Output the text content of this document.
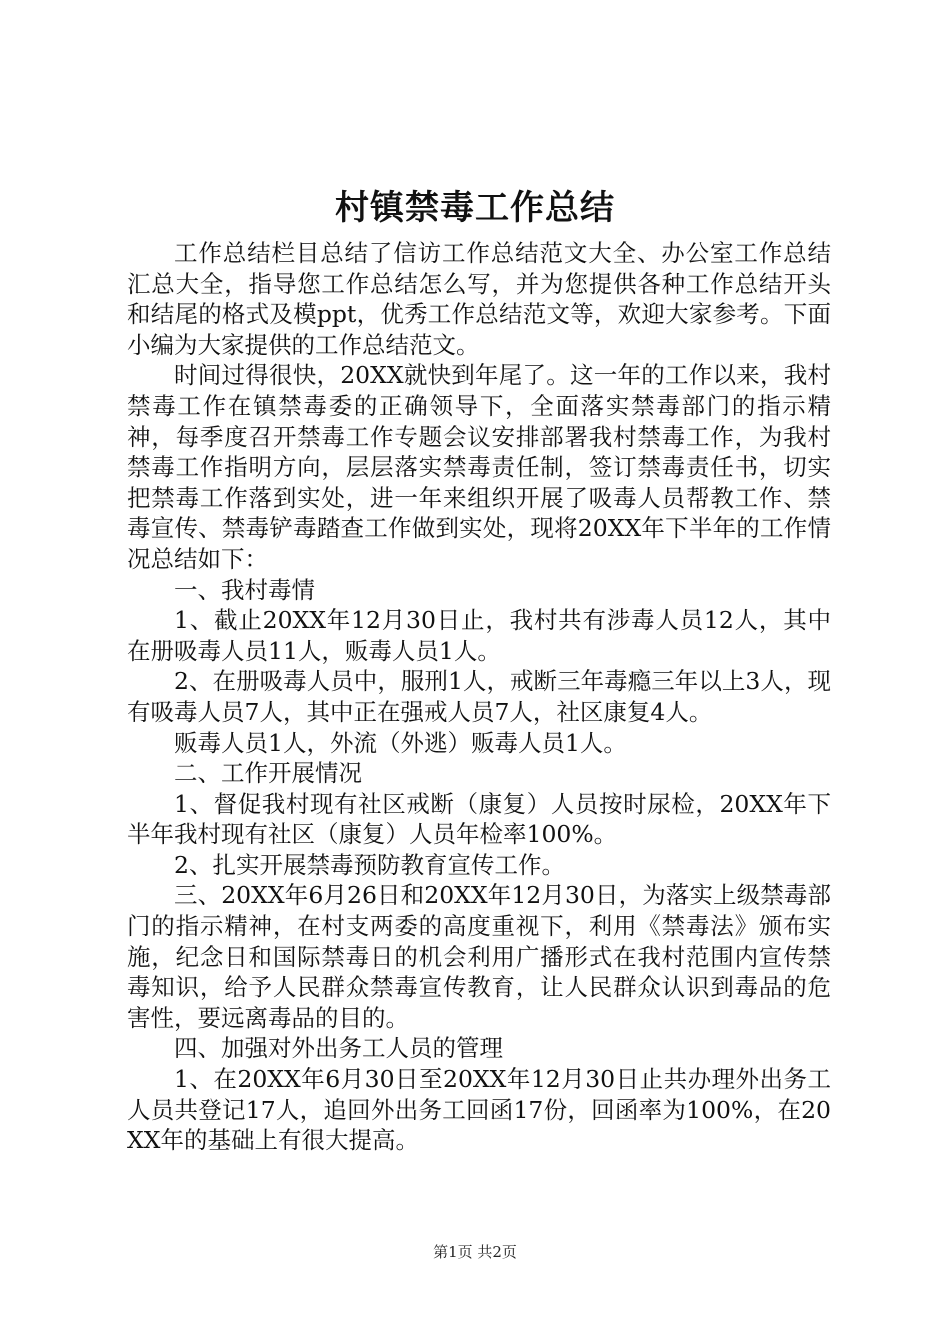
村镇禁毒工作总结

工作总结栏目总结了信访工作总结范文大全、办公室工作总结汇总大全，指导您工作总结怎么写，并为您提供各种工作总结开头和结尾的格式及模ppt，优秀工作总结范文等，欢迎大家参考。下面小编为大家提供的工作总结范文。

时间过得很快，20XX就快到年尾了。这一年的工作以来，我村禁毒工作在镇禁毒委的正确领导下，全面落实禁毒部门的指示精神，每季度召开禁毒工作专题会议安排部署我村禁毒工作，为我村禁毒工作指明方向，层层落实禁毒责任制，签订禁毒责任书，切实把禁毒工作落到实处，进一年来组织开展了吸毒人员帮教工作、禁毒宣传、禁毒铲毒踏查工作做到实处，现将20XX年下半年的工作情况总结如下：

一、我村毒情

1、截止20XX年12月30日止，我村共有涉毒人员12人，其中在册吸毒人员11人，贩毒人员1人。

2、在册吸毒人员中，服刑1人，戒断三年毒瘾三年以上3人，现有吸毒人员7人，其中正在强戒人员7人，社区康复4人。

贩毒人员1人，外流（外逃）贩毒人员1人。

二、工作开展情况

1、督促我村现有社区戒断（康复）人员按时尿检，20XX年下半年我村现有社区（康复）人员年检率100%。

2、扎实开展禁毒预防教育宣传工作。

三、20XX年6月26日和20XX年12月30日，为落实上级禁毒部门的指示精神，在村支两委的高度重视下，利用《禁毒法》颁布实施，纪念日和国际禁毒日的机会利用广播形式在我村范围内宣传禁毒知识，给予人民群众禁毒宣传教育，让人民群众认识到毒品的危害性，要远离毒品的目的。

四、加强对外出务工人员的管理

1、在20XX年6月30日至20XX年12月30日止共办理外出务工人员共登记17人，追回外出务工回函17份，回函率为100%，在20XX年的基础上有很大提高。

第1页 共2页
